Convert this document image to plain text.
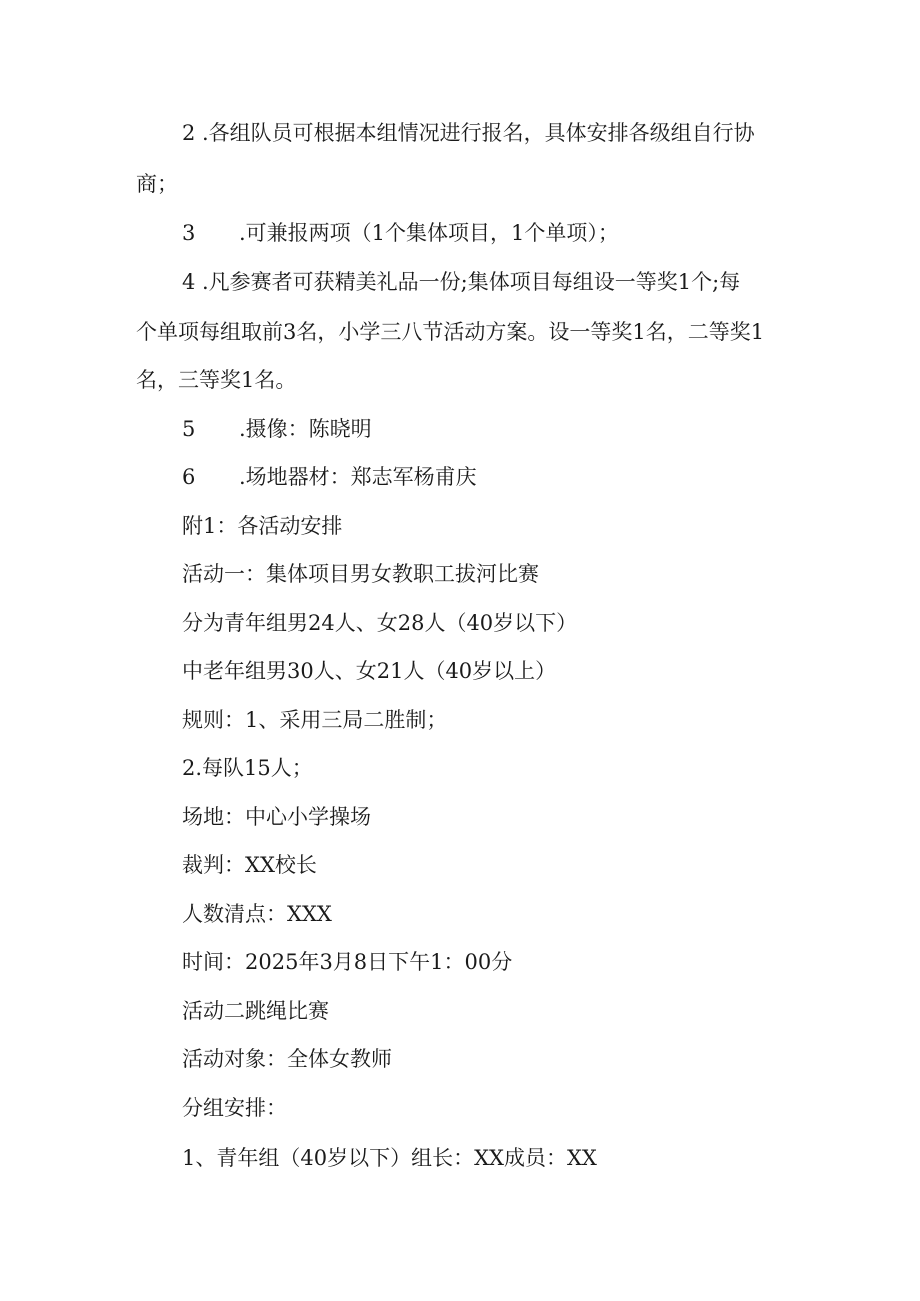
2 .各组队员可根据本组情况进行报名，具体安排各级组自行协
商；
3 .可兼报两项（1个集体项目，1个单项）；
4 .凡参赛者可获精美礼品一份;集体项目每组设一等奖1个;每
个单项每组取前3名，小学三八节活动方案。设一等奖1名，二等奖1
名，三等奖1名。
5 .摄像：陈晓明
6 .场地器材：郑志军杨甫庆
附1：各活动安排
活动一：集体项目男女教职工拔河比赛
分为青年组男24人、女28人（40岁以下）
中老年组男30人、女21人（40岁以上）
规则：1、采用三局二胜制；
2.每队15人；
场地：中心小学操场
裁判：XX校长
人数清点：XXX
时间：2025年3月8日下午1：00分
活动二跳绳比赛
活动对象：全体女教师
分组安排：
1、青年组（40岁以下）组长：XX成员：XX
